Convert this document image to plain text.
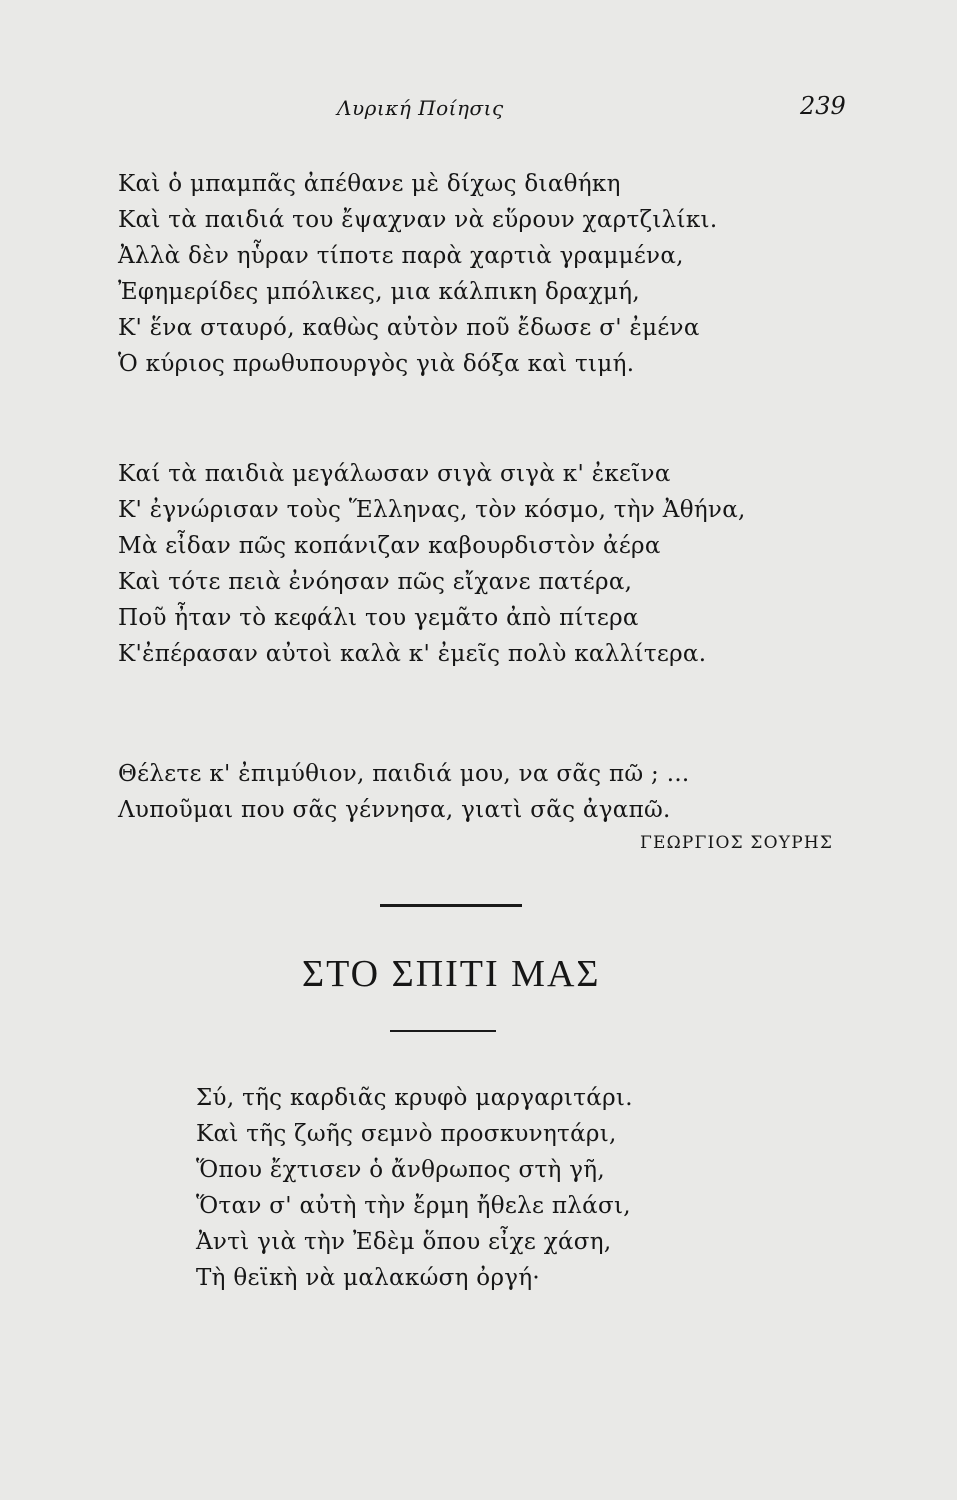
Λυρική Ποίησις	239
Καὶ ὁ μπαμπᾶς ἀπέθανε μὲ δίχως διαθήκη
Καὶ τὰ παιδιά του ἔψαχναν νὰ εὕρουν χαρτζιλίκι.
Ἀλλὰ δὲν ηὗραν τίποτε παρὰ χαρτιὰ γραμμένα,
Ἐφημερίδες μπόλικες, μια κάλπικη δραχμή,
Κ' ἕνα σταυρό, καθὼς αὐτὸν ποῦ ἔδωσε σ' ἐμένα
Ὁ κύριος πρωθυπουργὸς γιὰ δόξα καὶ τιμή.
Καί τὰ παιδιὰ μεγάλωσαν σιγὰ σιγὰ κ' ἐκεῖνα
Κ' ἐγνώρισαν τοὺς Ἕλληνας, τὸν κόσμο, τὴν Ἀθήνα,
Μὰ εἶδαν πῶς κοπάνιζαν καβουρδιστὸν ἀέρα
Καὶ τότε πειὰ ἐνόησαν πῶς εἴχανε πατέρα,
Ποῦ ἦταν τὸ κεφάλι του γεμᾶτο ἀπὸ πίτερα
Κ'ἐπέρασαν αὐτοὶ καλὰ κ' ἐμεῖς πολὺ καλλίτερα.
Θέλετε κ' ἐπιμύθιον, παιδιά μου, να σᾶς πῶ ; ...
Λυποῦμαι που σᾶς γέννησα, γιατὶ σᾶς ἀγαπῶ.
ΓΕΩΡΓΙΟΣ ΣΟΥΡΗΣ
ΣΤΟ ΣΠΙΤΙ ΜΑΣ
Σύ, τῆς καρδιᾶς κρυφὸ μαργαριτάρι.
Καὶ τῆς ζωῆς σεμνὸ προσκυνητάρι,
Ὅπου ἔχτισεν ὁ ἄνθρωπος στὴ γῆ,
Ὅταν σ' αὐτὴ τὴν ἔρμη ἤθελε πλάσι,
Ἀντὶ γιὰ τὴν Ἐδὲμ ὅπου εἶχε χάση,
Τὴ θεϊκὴ νὰ μαλακώση ὀργή·
